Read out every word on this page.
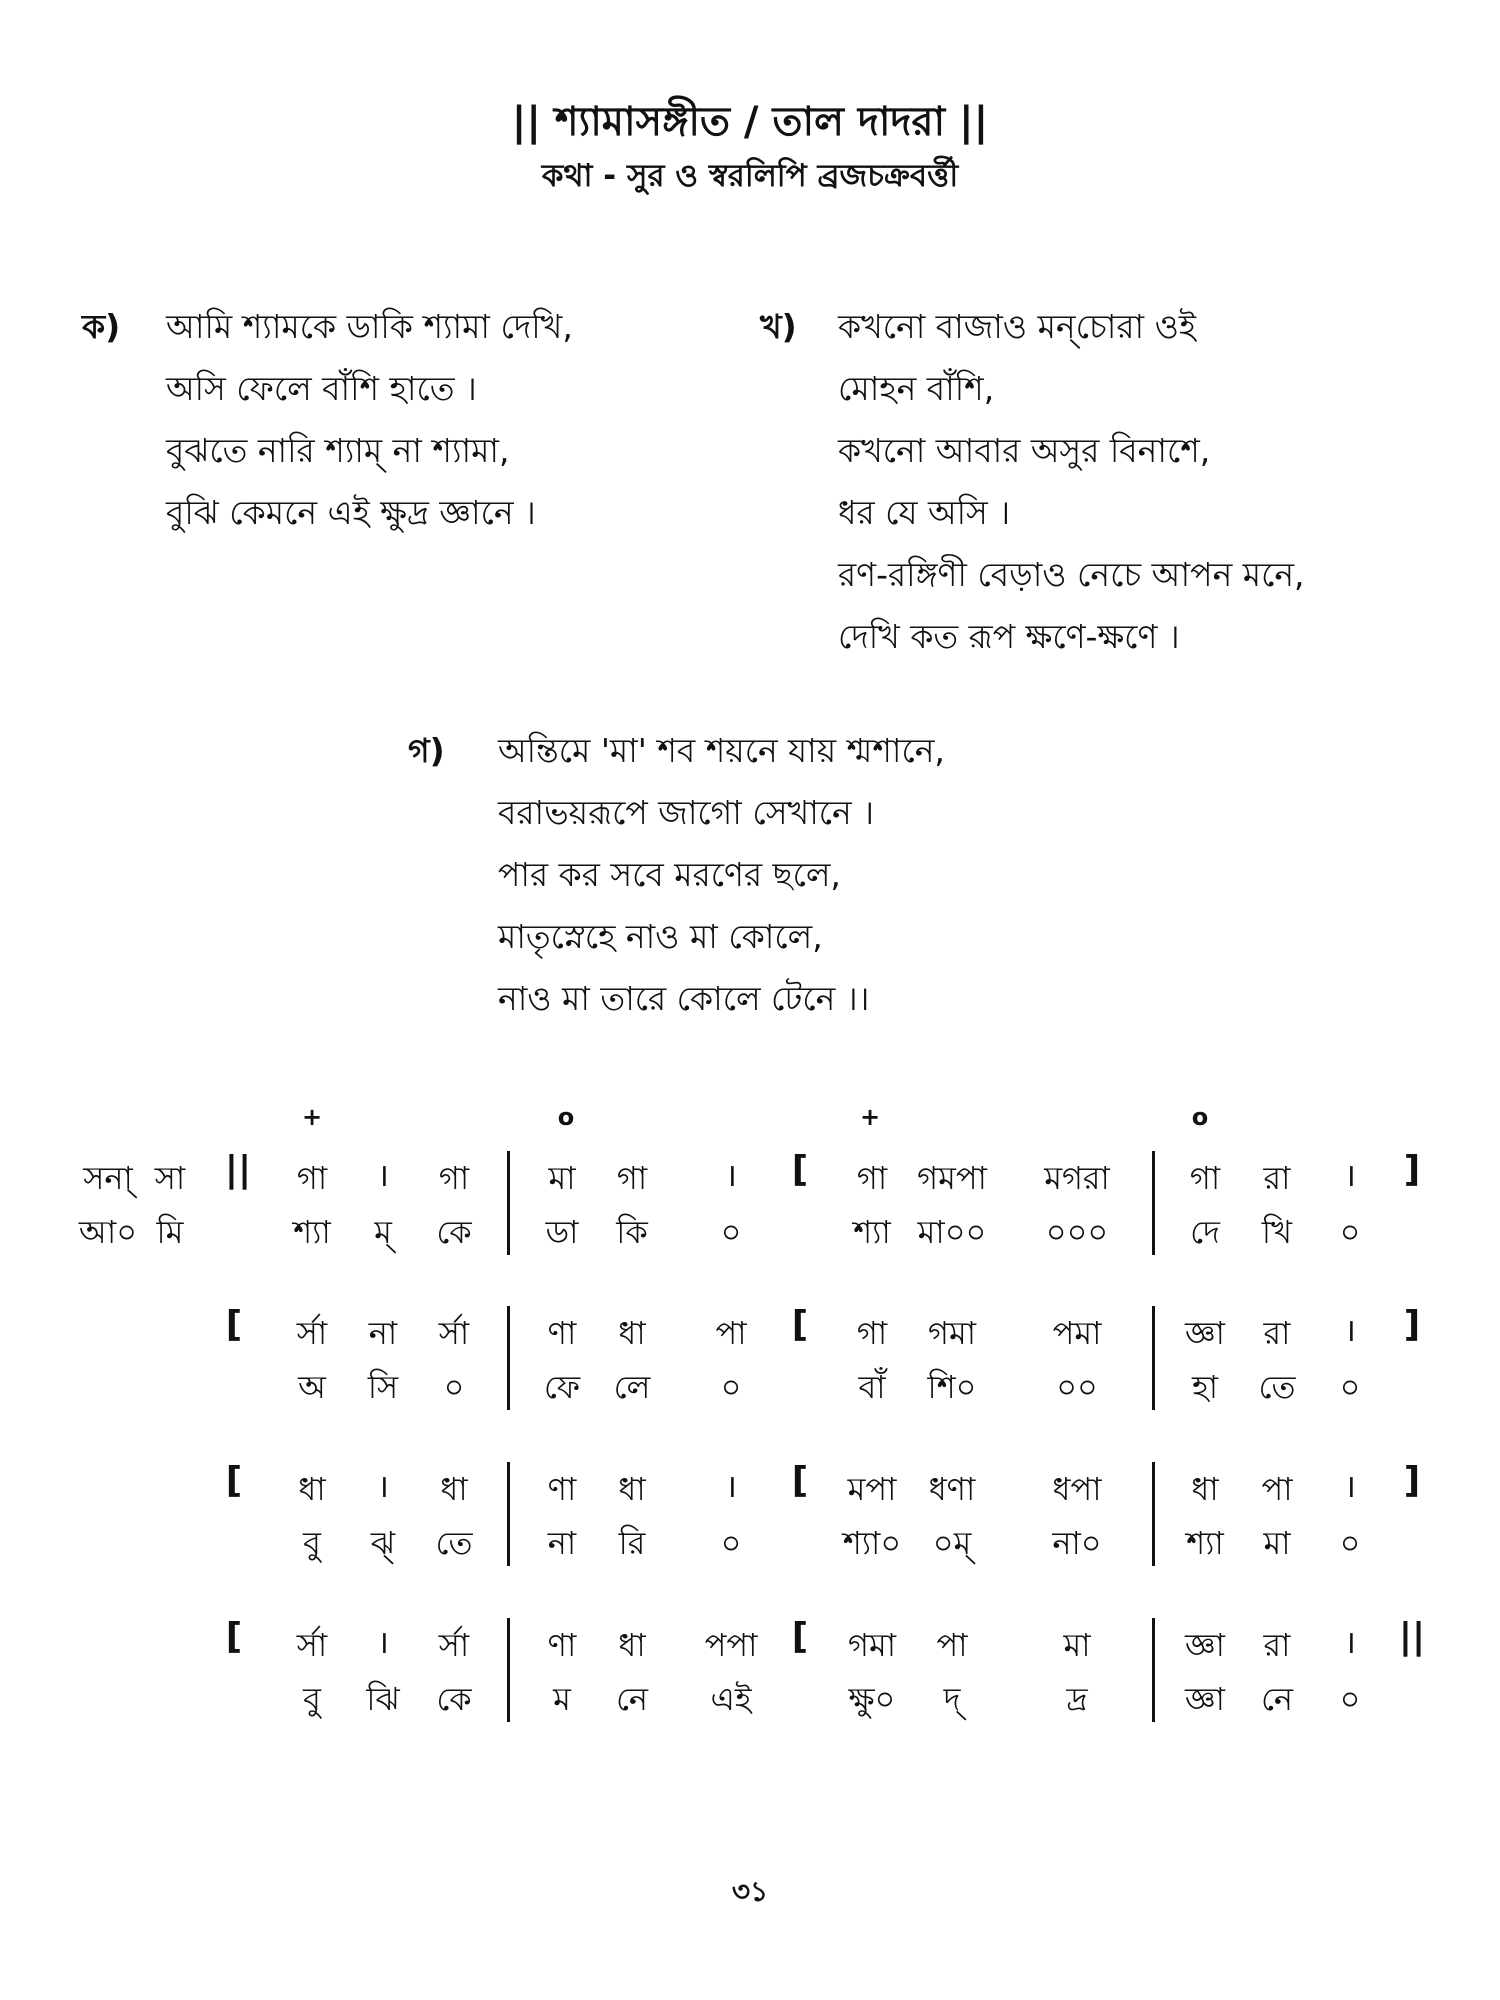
|| শ্যামাসঙ্গীত / তাল দাদরা ||
কথা - সুর ও স্বরলিপি ব্রজচক্রবর্ত্তী
ক) আমি শ্যামকে ডাকি শ্যামা দেখি,
অসি ফেলে বাঁশি হাতে ।
বুঝতে নারি শ্যাম্ না শ্যামা,
বুঝি কেমনে এই ক্ষুদ্র জ্ঞানে ।
খ) কখনো বাজাও মন্‌চোরা ওই
মোহন বাঁশি,
কখনো আবার অসুর বিনাশে,
ধর যে অসি ।
রণ-রঙ্গিণী বেড়াও নেচে আপন মনে,
দেখি কত রূপ ক্ষণে-ক্ষণে ।
গ) অন্তিমে 'মা' শব শয়নে যায় শ্মশানে,
বরাভয়রূপে জাগো সেখানে ।
পার কর সবে মরণের ছলে,
মাতৃস্নেহে নাও মা কোলে,
নাও মা তারে কোলে টেনে ।।
+	o	+	o
সনা্ সা
আ০ মি
||	[	]
গা	।	গা	মা	গা	।	গা গমপা	মগরা	গা	রা	।
শ্যা	ম্	কে	ডা	কি	০	শ্যা মা০০	০০০	দে	খি	০
[	[	]
র্সা	না	র্সা	ণা	ধা	পা	গা	গমা	পমা	জ্ঞা	রা	।
অ	সি	০	ফে	লে	০	বাঁ	শি০	০০	হা	তে	০
[	[	]
ধা	।	ধা	ণা	ধা	।	মপা	ধণা	ধপা	ধা	পা	।
বু	ঝ্	তে	না	রি	০	শ্যা০ ০ম্	না০	শ্যা	মা	০
[	[	||
র্সা	।	র্সা	ণা	ধা	পপা	গমা	পা	মা	জ্ঞা	রা	।
বু	ঝি	কে	ম	নে	এই	ক্ষু০	দ্	দ্র	জ্ঞা	নে	০
৩১
